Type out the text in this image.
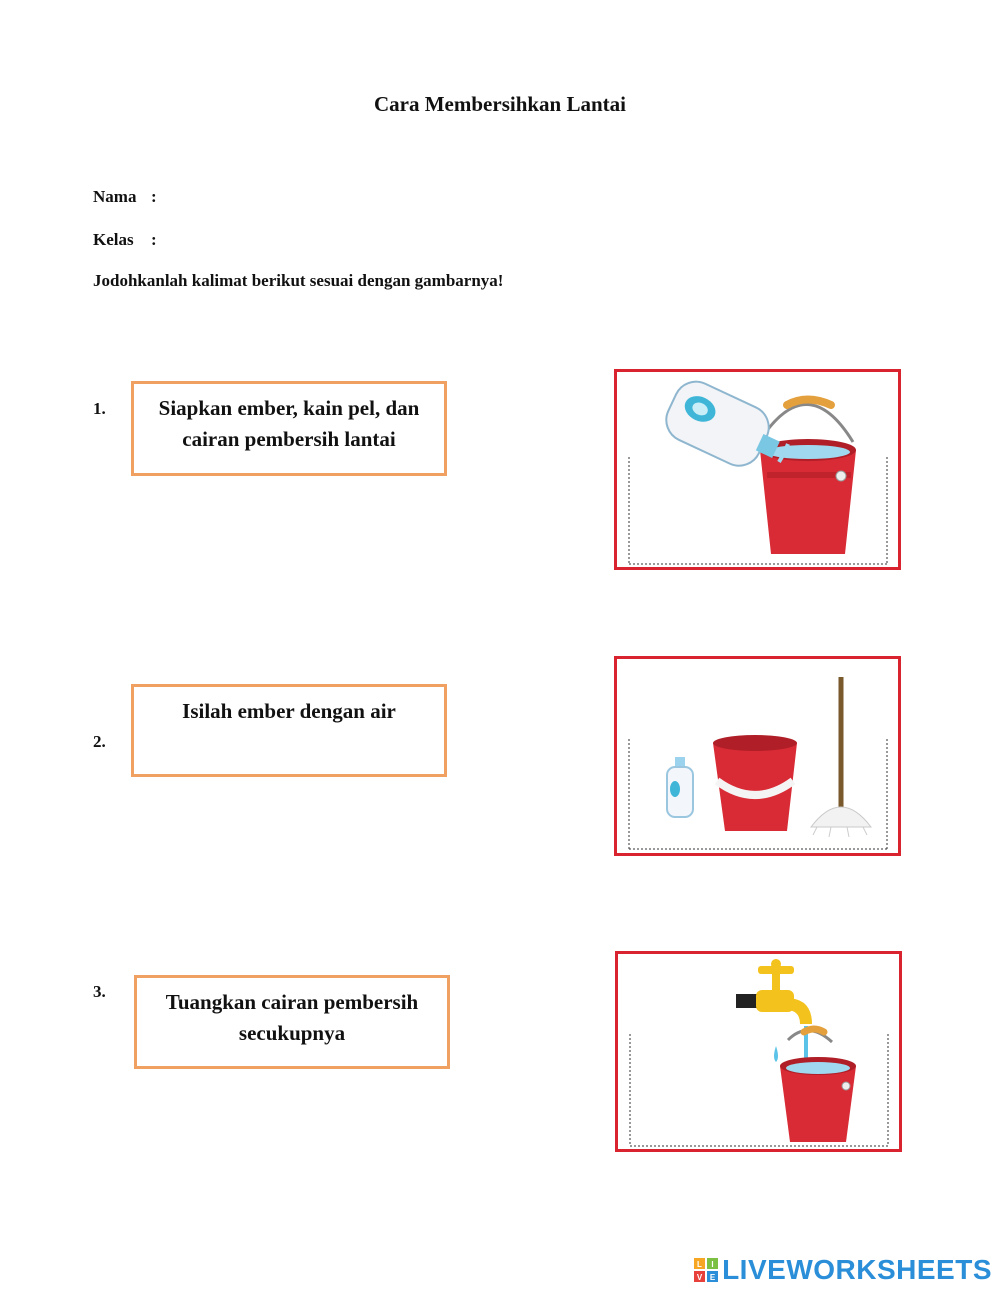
Cara Membersihkan Lantai
Nama :
Kelas :
Jodohkanlah kalimat berikut sesuai dengan gambarnya!
1.	Siapkan ember, kain pel, dan
cairan pembersih lantai
2.
Isilah ember dengan air
3.	Tuangkan cairan pembersih
secukupnya
L I
V E LIVEWORKSHEETS
